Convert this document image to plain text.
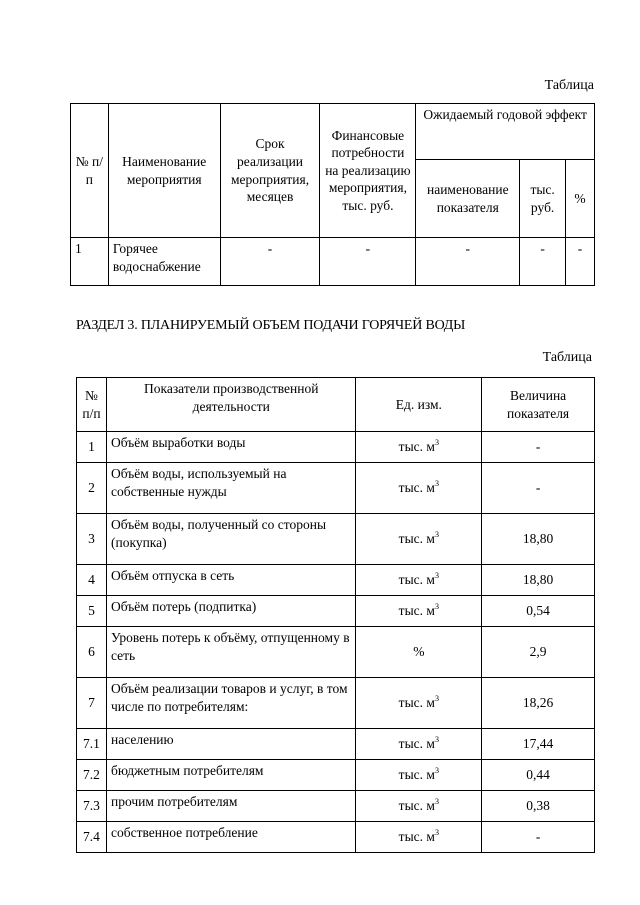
Таблица
№ п/п	Наименование мероприятия	Срок реализации мероприятия, месяцев	Финансовые потребности на реализацию мероприятия, тыс. руб.	Ожидаемый годовой эффект		
				наименование показателя	тыс. руб.	%
1	Горячее водоснабжение	-	-	-	-	-
РАЗДЕЛ 3. ПЛАНИРУЕМЫЙ ОБЪЕМ ПОДАЧИ ГОРЯЧЕЙ ВОДЫ
Таблица
№ п/п	Показатели производственной деятельности	Ед. изм.	Величина показателя
1	Объём выработки воды	тыс. $м^3$	-
2	Объём воды, используемый на собственные нужды	тыс. $м^3$	-
3	Объём воды, полученный со стороны (покупка)	тыс. $м^3$	18,80
4	Объём отпуска в сеть	тыс. $м^3$	18,80
5	Объём потерь (подпитка)	тыс. $м^3$	0,54
6	Уровень потерь к объёму, отпущенному в сеть	%	2,9
7	Объём реализации товаров и услуг, в том числе по потребителям:	тыс. $м^3$	18,26
7.1	населению	тыс. $м^3$	17,44
7.2	бюджетным потребителям	тыс. $м^3$	0,44
7.3	прочим потребителям	тыс. $м^3$	0,38
7.4	собственное потребление	тыс. $м^3$	-
